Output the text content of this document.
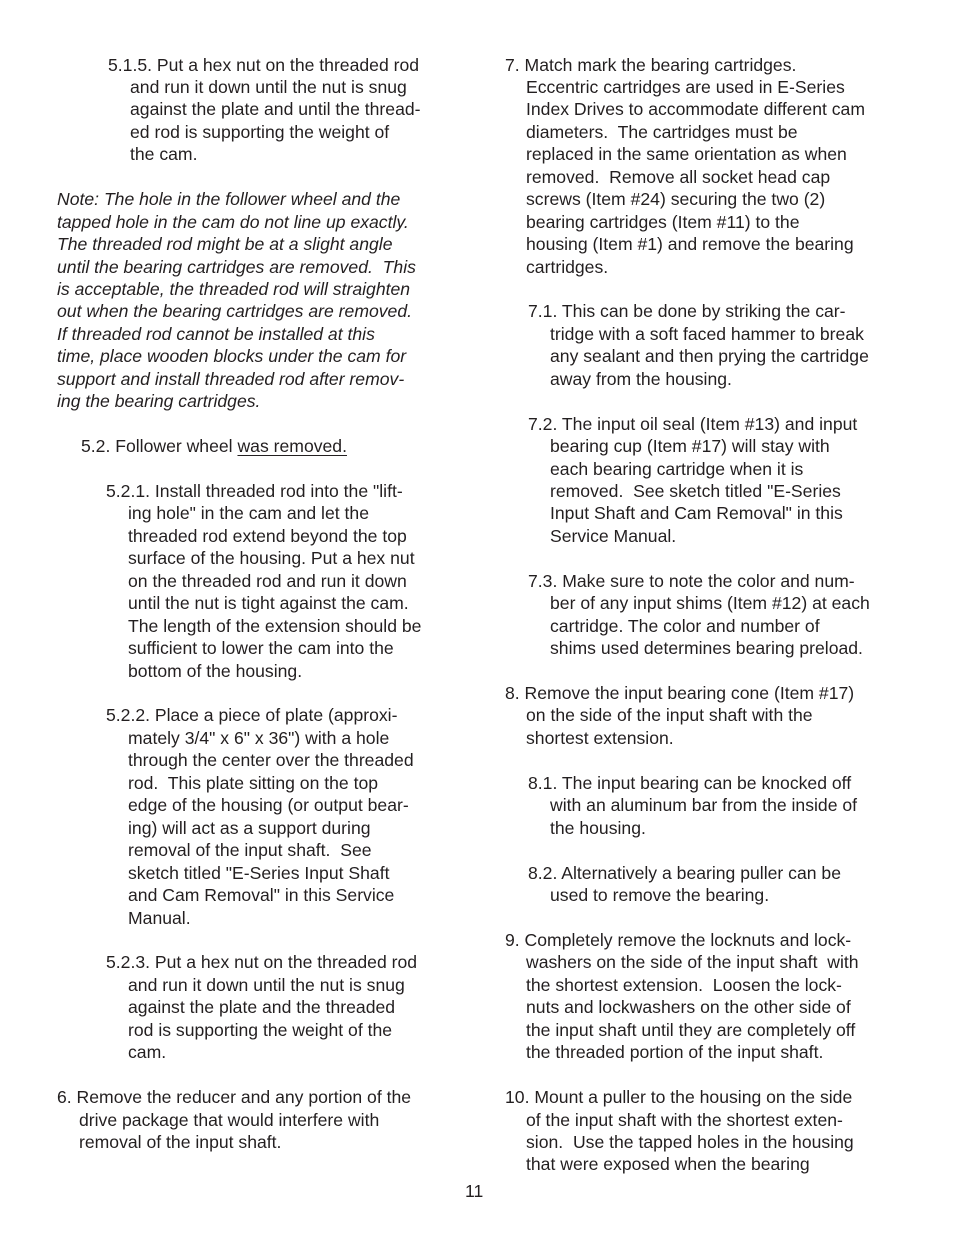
5.1.5. Put a hex nut on the threaded rod
and run it down until the nut is snug
against the plate and until the thread-
ed rod is supporting the weight of
the cam.
Note: The hole in the follower wheel and the
tapped hole in the cam do not line up exactly.
The threaded rod might be at a slight angle
until the bearing cartridges are removed.  This
is acceptable, the threaded rod will straighten
out when the bearing cartridges are removed.
If threaded rod cannot be installed at this
time, place wooden blocks under the cam for
support and install threaded rod after remov-
ing the bearing cartridges.
5.2. Follower wheel was removed.
5.2.1. Install threaded rod into the "lift-
ing hole" in the cam and let the
threaded rod extend beyond the top
surface of the housing. Put a hex nut
on the threaded rod and run it down
until the nut is tight against the cam.
The length of the extension should be
sufficient to lower the cam into the
bottom of the housing.
5.2.2. Place a piece of plate (approxi-
mately 3/4" x 6" x 36") with a hole
through the center over the threaded
rod.  This plate sitting on the top
edge of the housing (or output bear-
ing) will act as a support during
removal of the input shaft.  See
sketch titled "E-Series Input Shaft
and Cam Removal" in this Service
Manual.
5.2.3. Put a hex nut on the threaded rod
and run it down until the nut is snug
against the plate and the threaded
rod is supporting the weight of the
cam.
6. Remove the reducer and any portion of the
drive package that would interfere with
removal of the input shaft.
7. Match mark the bearing cartridges.
Eccentric cartridges are used in E-Series
Index Drives to accommodate different cam
diameters.  The cartridges must be
replaced in the same orientation as when
removed.  Remove all socket head cap
screws (Item #24) securing the two (2)
bearing cartridges (Item #11) to the
housing (Item #1) and remove the bearing
cartridges.
7.1. This can be done by striking the car-
tridge with a soft faced hammer to break
any sealant and then prying the cartridge
away from the housing.
7.2. The input oil seal (Item #13) and input
bearing cup (Item #17) will stay with
each bearing cartridge when it is
removed.  See sketch titled "E-Series
Input Shaft and Cam Removal" in this
Service Manual.
7.3. Make sure to note the color and num-
ber of any input shims (Item #12) at each
cartridge. The color and number of
shims used determines bearing preload.
8. Remove the input bearing cone (Item #17)
on the side of the input shaft with the
shortest extension.
8.1. The input bearing can be knocked off
with an aluminum bar from the inside of
the housing.
8.2. Alternatively a bearing puller can be
used to remove the bearing.
9. Completely remove the locknuts and lock-
washers on the side of the input shaft  with
the shortest extension.  Loosen the lock-
nuts and lockwashers on the other side of
the input shaft until they are completely off
the threaded portion of the input shaft.
10. Mount a puller to the housing on the side
of the input shaft with the shortest exten-
sion.  Use the tapped holes in the housing
that were exposed when the bearing
11
